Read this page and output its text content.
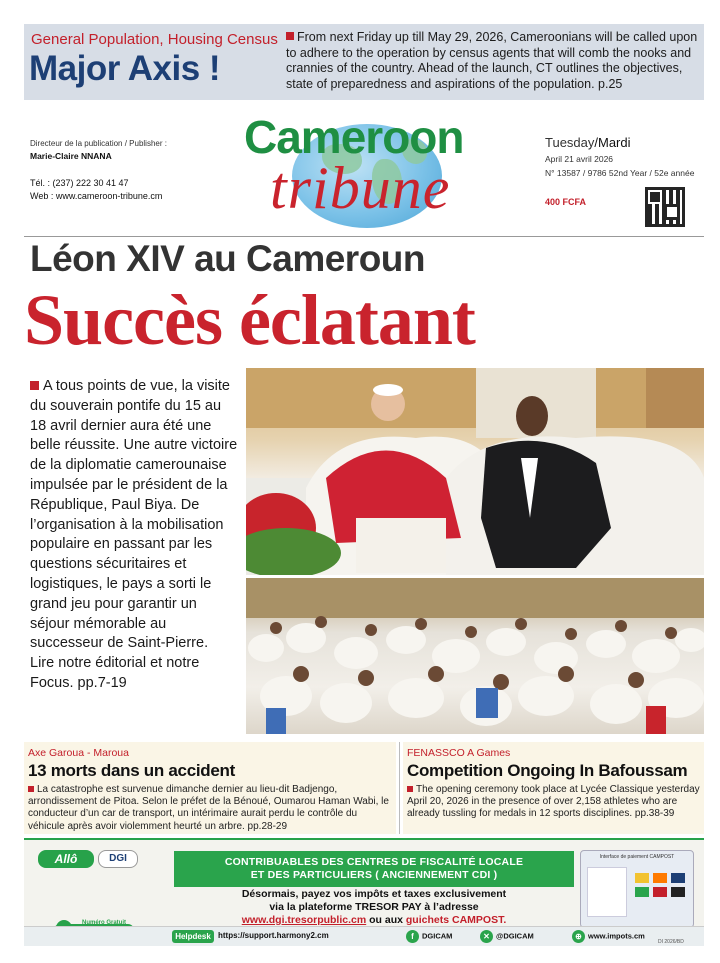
General Population, Housing Census
Major Axis !
From next Friday up till May 29, 2026, Cameroonians will be called upon to adhere to the operation by census agents that will comb the nooks and crannies of the country. Ahead of the launch, CT outlines the objectives, state of preparedness and aspirations of the population. p.25
Directeur de la publication / Publisher :
Marie-Claire NNANA
Tél. : (237) 222 30 41 47
Web : www.cameroon-tribune.cm
Cameroon
tribune
Tuesday/Mardi
April 21 avril 2026
N° 13587 / 9786 52nd Year / 52e année
400 FCFA
Léon XIV au Cameroun
Succès éclatant
A tous points de vue, la visite du souverain pontife du 15 au 18 avril dernier aura été une belle réussite. Une autre victoire de la diplomatie camerounaise impulsée par le président de la République, Paul Biya. De l’organisation à la mobilisation populaire en passant par les questions sécuritaires et logistiques, le pays a sorti le grand jeu pour garantir un séjour mémorable au successeur de Saint-Pierre.
Lire notre éditorial et notre Focus. pp.7-19
Axe Garoua - Maroua
13 morts dans un accident
La catastrophe est survenue dimanche dernier au lieu-dit Badjengo, arrondissement de Pitoa. Selon le préfet de la Bénoué, Oumarou Haman Wabi, le conducteur d’un car de transport, un intérimaire aurait perdu le contrôle du véhicule après avoir violemment heurté un arbre. pp.28-29
FENASSCO A Games
Competition Ongoing In Bafoussam
The opening ceremony took place at Lycée Classique yesterday April 20, 2026 in the presence of over 2,158 athletes who are already tussling for medals in 12 sports disciplines. pp.38-39
Allô	DGI
Numéro Gratuit
CONTRIBUABLES DES CENTRES DE FISCALITÉ LOCALE
ET DES PARTICULIERS ( ANCIENNEMENT CDI )
Désormais, payez vos impôts et taxes exclusivement
via la plateforme TRESOR PAY à l’adresse
www.dgi.tresorpublic.cm ou aux guichets CAMPOST.
Interface de paiement CAMPOST
Helpdesk https://support.harmony2.cm	f DGICAM	✕ @DGICAM	⊕ www.impots.cm
DI 2026/BD
